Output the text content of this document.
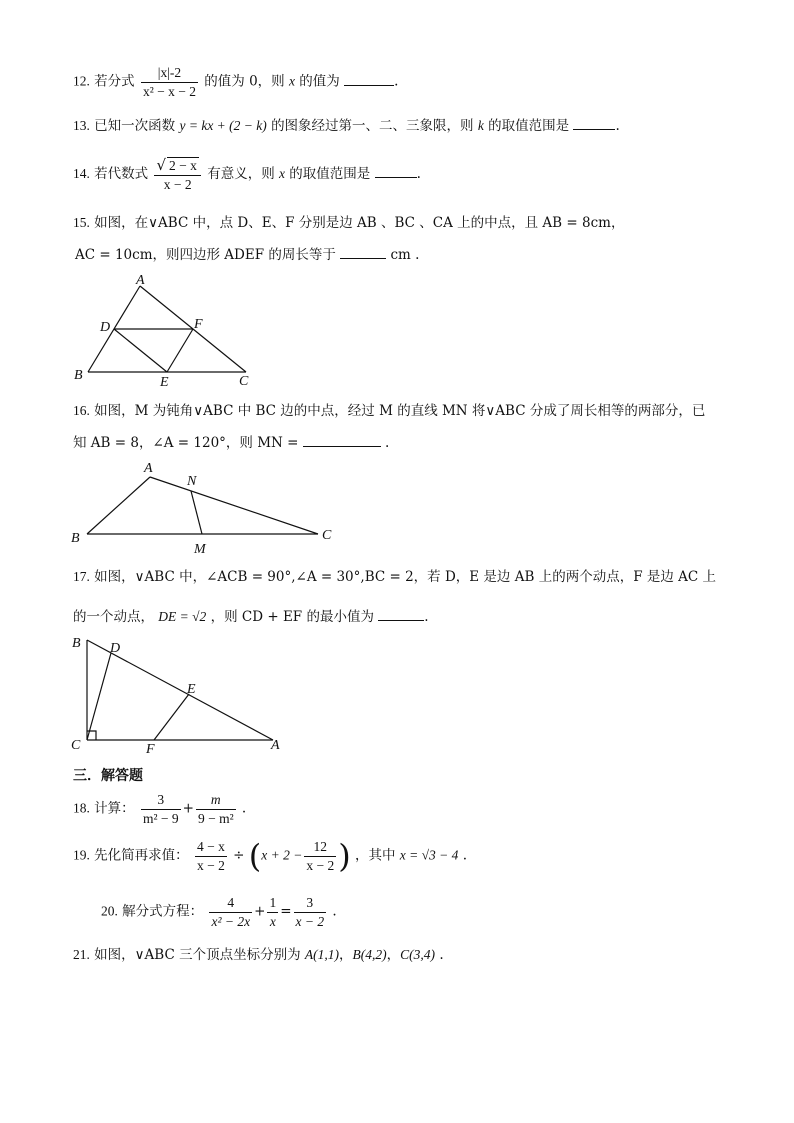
12. 若分式 $\frac{|x|-2}{\text{x² − x − 2}}$ 的值为 0，则 x 的值为	.
13. 已知一次函数 y = kx + (2 − k) 的图象经过第一、二、三象限，则 k 的取值范围是	.
14. 若代数式 $\frac{√ 2 - x}{x - 2}$ 有意义，则 x 的取值范围是	.
15. 如图，在∨ABC 中，点 D、E、F 分别是边 AB 、BC 、CA 上的中点，且 AB = 8cm，
AC = 10cm，则四边形 ADEF 的周长等于	cm .
A
B	C
D
E
F
16. 如图，M 为钝角∨ABC 中 BC 边的中点，经过 M 的直线 MN 将∨ABC 分成了周长相等的两部分，已
知 AB = 8，∠A = 120°，则 MN =	.
A
B	C
N
M
17. 如图，∨ABC 中，∠ACB = 90°,∠A = 30°,BC = 2，若 D，E 是边 AB 上的两个动点，F 是边 AC 上
的一个动点， DE = √2 ，则 CD + EF 的最小值为	.
B
C	A
D
E
F
三．解答题
18. 计算： $\frac{3}{\text{m² − 9}} + \frac{m}{\text{9 − m²}}$ .
19. 先化简再求值： $\frac{4 - x}{x - 2} \div (x + 2 - \frac{12}{x - 2}$ ) ，其中 x = √3 − 4 .
20. 解分式方程： $\frac{4}{\text{x² − 2x}} + \frac{1}{x} = \frac{3}{x - 2}$ .
21. 如图，∨ABC 三个顶点坐标分别为 A(1,1)，B(4,2)，C(3,4) .
